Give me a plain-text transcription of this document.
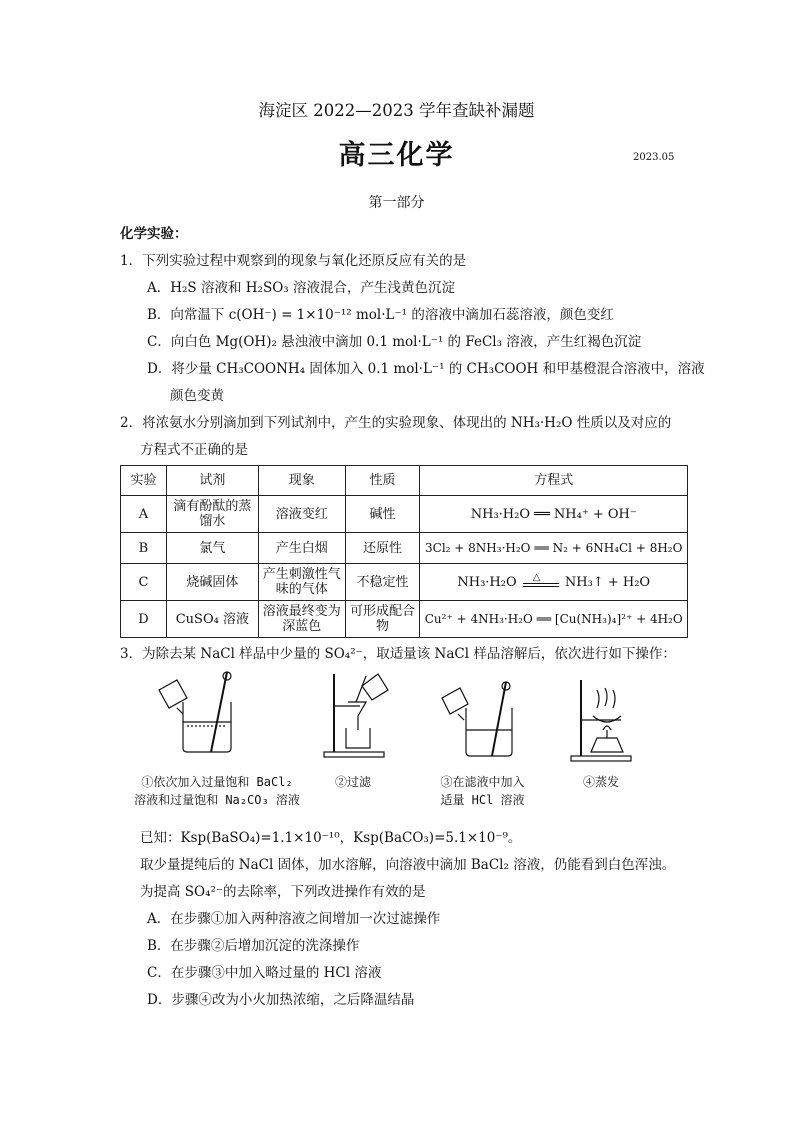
海淀区 2022—2023 学年查缺补漏题
高三化学	2023.05
第一部分
化学实验：
1．下列实验过程中观察到的现象与氧化还原反应有关的是
A．H₂S 溶液和 H₂SO₃ 溶液混合，产生浅黄色沉淀
B．向常温下 c(OH⁻) = 1×10⁻¹² mol·L⁻¹ 的溶液中滴加石蕊溶液，颜色变红
C．向白色 Mg(OH)₂ 悬浊液中滴加 0.1 mol·L⁻¹ 的 FeCl₃ 溶液，产生红褐色沉淀
D．将少量 CH₃COONH₄ 固体加入 0.1 mol·L⁻¹ 的 CH₃COOH 和甲基橙混合溶液中，溶液
颜色变黄
2．将浓氨水分别滴加到下列试剂中，产生的实验现象、体现出的 NH₃·H₂O 性质以及对应的
方程式不正确的是
实验	试剂	现象	性质	方程式
A	滴有酚酞的蒸馏水	溶液变红	碱性	NH₃·H₂O ══ NH₄⁺ + OH⁻
B	氯气	产生白烟	还原性	3Cl₂ + 8NH₃·H₂O ══ N₂ + 6NH₄Cl + 8H₂O
C	烧碱固体	产生刺激性气味的气体	不稳定性	NH₃·H₂O △ NH₃↑ + H₂O
D	CuSO₄ 溶液	溶液最终变为深蓝色	可形成配合物	Cu²⁺ + 4NH₃·H₂O ══ [Cu(NH₃)₄]²⁺ + 4H₂O
3．为除去某 NaCl 样品中少量的 SO₄²⁻，取适量该 NaCl 样品溶解后，依次进行如下操作：
①依次加入过量饱和 BaCl₂
溶液和过量饱和 Na₂CO₃ 溶液
②过滤	③在滤液中加入
适量 HCl 溶液
④蒸发
已知：Ksp(BaSO₄)=1.1×10⁻¹⁰，Ksp(BaCO₃)=5.1×10⁻⁹。
取少量提纯后的 NaCl 固体，加水溶解，向溶液中滴加 BaCl₂ 溶液，仍能看到白色浑浊。
为提高 SO₄²⁻的去除率，下列改进操作有效的是
A．在步骤①加入两种溶液之间增加一次过滤操作
B．在步骤②后增加沉淀的洗涤操作
C．在步骤③中加入略过量的 HCl 溶液
D．步骤④改为小火加热浓缩，之后降温结晶
